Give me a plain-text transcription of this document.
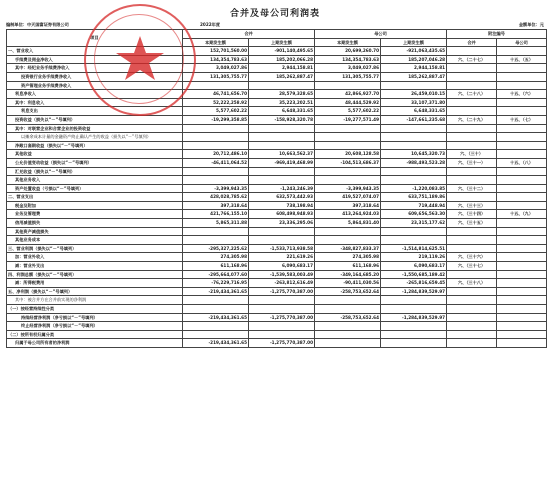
合并及母公司利润表
编制单位：中天国富证券有限公司	2022年度	金额单位：元
项目	合并		母公司		附注编号	
	本期发生额	上期发生额	本期发生额	上期发生额	合并	母公司
一、营业收入	152,701,560.00	-901,140,495.65	20,699,260.70	-921,063,435.65		
手续费及佣金净收入	134,354,783.63	185,202,066.28	134,354,783.63	185,207,046.28	六、（二十七）	十五、（五）
其中：经纪业务手续费净收入	3,049,027.86	2,944,158.81	3,049,027.86	2,944,158.81		
投资银行业务手续费净收入	131,305,755.77	185,262,887.47	131,305,755.77	185,262,887.47		
资产管理业务手续费净收入						
利息净收入	46,741,656.70	28,579,328.65	42,866,927.70	26,459,010.15	六、（二十八）	十五、（六）
其中：利息收入	52,222,258.92	35,223,202.51	48,444,529.92	33,107,371.80		
利息支出	5,577,602.22	6,648,331.65	5,577,602.22	6,648,331.65		
投资收益（损失以“－”号填列）	-19,299,358.85	-158,928,320.78	-19,277,571.49	-147,661,235.68	六、（二十九）	十五、（七）
其中：对联营企业和合营企业的投资收益						
以摊余成本计量的金融资产终止确认产生的收益（损失以“－”号填列）						
净敞口套期收益（损失以“－”号填列）						
其他收益	20,712,486.10	10,663,562.37	20,608,128.58	10,645,320.73	六、（三十）	
公允价值变动收益（损失以“－”号填列）	-46,411,064.52	-969,419,468.99	-104,513,686.37	-988,493,523.28	六、（三十一）	十五、（八）
汇兑收益（损失以“－”号填列）						
其他业务收入						
资产处置收益（亏损以“－”号填列）	-3,399,943.35	-1,243,246.39	-3,399,943.35	-1,220,083.85	六、（三十二）	
二、营业支出	428,028,785.62	632,573,442.93	419,527,074.07	633,751,189.86		
税金及附加	397,318.64	738,198.94	397,318.64	719,448.94	六、（三十三）	
业务及管理费	421,766,155.10	608,498,948.93	413,264,924.03	609,656,563.30	六、（三十四）	十五、（九）
信用减值损失	5,865,311.88	23,336,295.06	5,864,831.40	23,315,177.62	六、（三十五）	
其他资产减值损失						
其他业务成本						
三、营业利润（损失以“－”号填列）	-295,327,225.62	-1,533,713,938.58	-348,827,833.37	-1,514,814,625.51		
加：营业外收入	274,305.98	221,619.26	274,305.98	219,119.26	六、（三十六）	
减：营业外支出	611,168.96	6,090,683.17	611,168.96	6,090,683.17	六、（三十七）	
四、利润总额（损失以“－”号填列）	-295,664,077.60	-1,539,583,003.49	-349,164,685.20	-1,550,685,189.42		
减：所得税费用	-76,229,716.95	-263,812,616.49	-90,411,030.56	-265,816,659.45	六、（三十八）	
五、净利润（损失以“－”号填列）	-219,434,361.65	-1,275,770,387.00	-258,753,652.64	-1,284,839,529.97		
其中：被合并方在合并前实现的净利润						
（一）按经营持续性分类						
持续经营净利润（净亏损以“－”号填列）	-219,434,361.65	-1,275,770,387.00	-258,753,652.64	-1,284,839,529.97		
终止经营净利润（净亏损以“－”号填列）						
（二）按所有权归属分类						
归属于母公司所有者的净利润	-219,434,361.65	-1,275,770,387.00				
